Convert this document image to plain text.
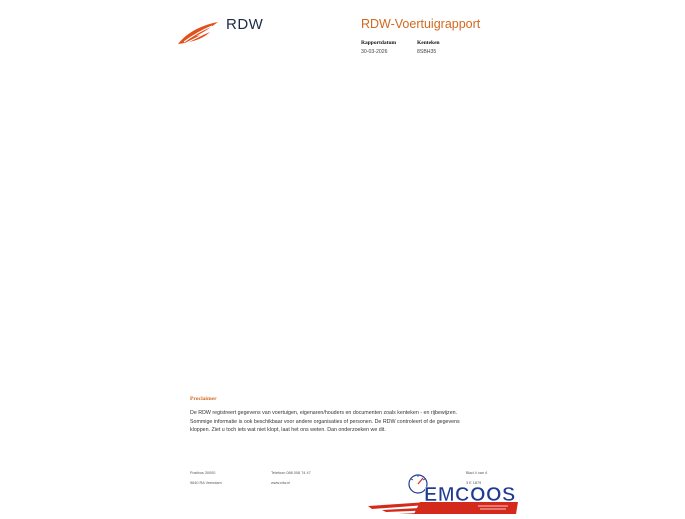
RDW	RDW-Voertuigrapport
Rapportdatum
30-03-2026
Kenteken
8SBH35
Proclaimer

De RDW registreert gegevens van voertuigen, eigenaren/houders en documenten zoals kenteken - en rijbewijzen.

Sommige informatie is ook beschikbaar voor andere organisaties of personen. De RDW controleert of de gegevens

kloppen. Ziet u toch iets wat niet klopt, laat het ons weten. Dan onderzoeken we dit.

Postbus 30000
9640 RA Veendam
Telefoon 088 008 74 47
www.rdw.nl
Blad 4 van 4
3 E 1879
EMCOOS
